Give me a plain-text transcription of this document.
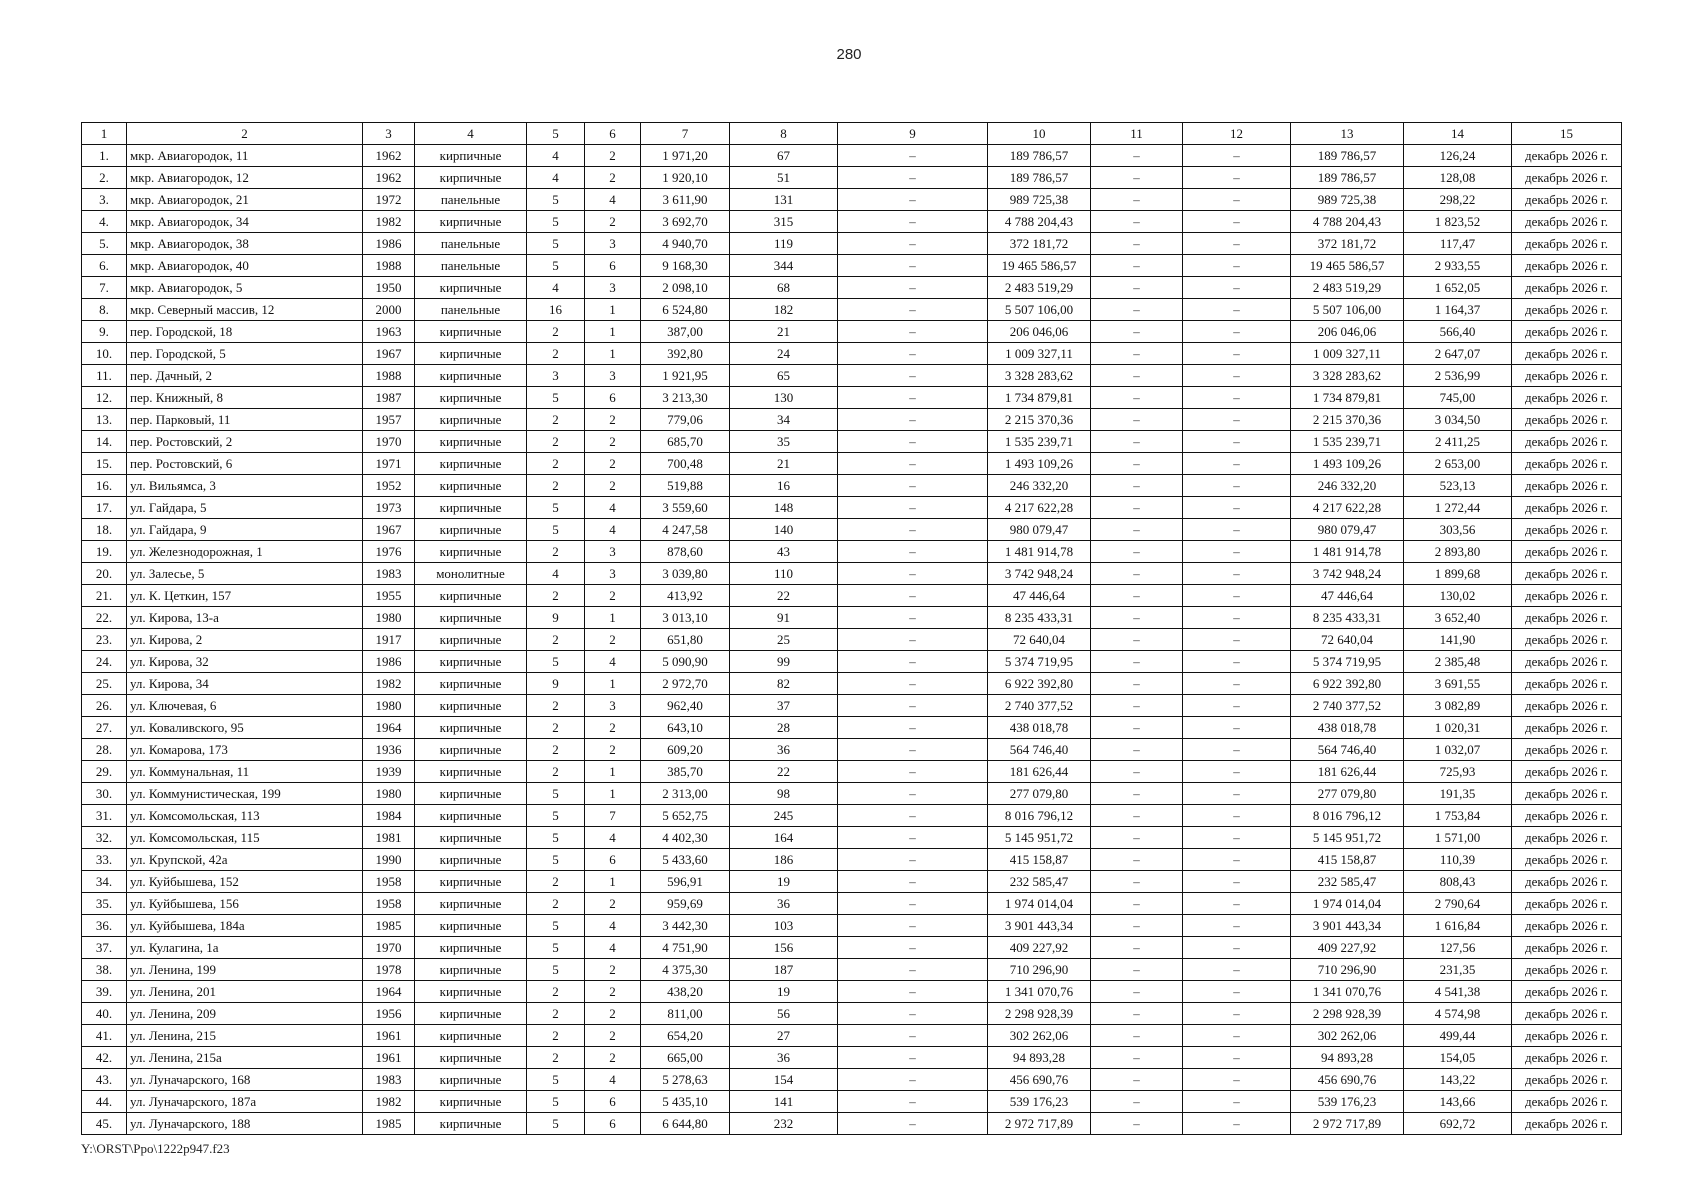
280
1	2	3	4	5	6	7	8	9	10	11	12	13	14	15
1.	мкр. Авиагородок, 11	1962	кирпичные	4	2	1 971,20	67	–	189 786,57	–	–	189 786,57	126,24	декабрь 2026 г.
2.	мкр. Авиагородок, 12	1962	кирпичные	4	2	1 920,10	51	–	189 786,57	–	–	189 786,57	128,08	декабрь 2026 г.
3.	мкр. Авиагородок, 21	1972	панельные	5	4	3 611,90	131	–	989 725,38	–	–	989 725,38	298,22	декабрь 2026 г.
4.	мкр. Авиагородок, 34	1982	кирпичные	5	2	3 692,70	315	–	4 788 204,43	–	–	4 788 204,43	1 823,52	декабрь 2026 г.
5.	мкр. Авиагородок, 38	1986	панельные	5	3	4 940,70	119	–	372 181,72	–	–	372 181,72	117,47	декабрь 2026 г.
6.	мкр. Авиагородок, 40	1988	панельные	5	6	9 168,30	344	–	19 465 586,57	–	–	19 465 586,57	2 933,55	декабрь 2026 г.
7.	мкр. Авиагородок, 5	1950	кирпичные	4	3	2 098,10	68	–	2 483 519,29	–	–	2 483 519,29	1 652,05	декабрь 2026 г.
8.	мкр. Северный массив, 12	2000	панельные	16	1	6 524,80	182	–	5 507 106,00	–	–	5 507 106,00	1 164,37	декабрь 2026 г.
9.	пер. Городской, 18	1963	кирпичные	2	1	387,00	21	–	206 046,06	–	–	206 046,06	566,40	декабрь 2026 г.
10.	пер. Городской, 5	1967	кирпичные	2	1	392,80	24	–	1 009 327,11	–	–	1 009 327,11	2 647,07	декабрь 2026 г.
11.	пер. Дачный, 2	1988	кирпичные	3	3	1 921,95	65	–	3 328 283,62	–	–	3 328 283,62	2 536,99	декабрь 2026 г.
12.	пер. Книжный, 8	1987	кирпичные	5	6	3 213,30	130	–	1 734 879,81	–	–	1 734 879,81	745,00	декабрь 2026 г.
13.	пер. Парковый, 11	1957	кирпичные	2	2	779,06	34	–	2 215 370,36	–	–	2 215 370,36	3 034,50	декабрь 2026 г.
14.	пер. Ростовский, 2	1970	кирпичные	2	2	685,70	35	–	1 535 239,71	–	–	1 535 239,71	2 411,25	декабрь 2026 г.
15.	пер. Ростовский, 6	1971	кирпичные	2	2	700,48	21	–	1 493 109,26	–	–	1 493 109,26	2 653,00	декабрь 2026 г.
16.	ул. Вильямса, 3	1952	кирпичные	2	2	519,88	16	–	246 332,20	–	–	246 332,20	523,13	декабрь 2026 г.
17.	ул. Гайдара, 5	1973	кирпичные	5	4	3 559,60	148	–	4 217 622,28	–	–	4 217 622,28	1 272,44	декабрь 2026 г.
18.	ул. Гайдара, 9	1967	кирпичные	5	4	4 247,58	140	–	980 079,47	–	–	980 079,47	303,56	декабрь 2026 г.
19.	ул. Железнодорожная, 1	1976	кирпичные	2	3	878,60	43	–	1 481 914,78	–	–	1 481 914,78	2 893,80	декабрь 2026 г.
20.	ул. Залесье, 5	1983	монолитные	4	3	3 039,80	110	–	3 742 948,24	–	–	3 742 948,24	1 899,68	декабрь 2026 г.
21.	ул. К. Цеткин, 157	1955	кирпичные	2	2	413,92	22	–	47 446,64	–	–	47 446,64	130,02	декабрь 2026 г.
22.	ул. Кирова, 13-а	1980	кирпичные	9	1	3 013,10	91	–	8 235 433,31	–	–	8 235 433,31	3 652,40	декабрь 2026 г.
23.	ул. Кирова, 2	1917	кирпичные	2	2	651,80	25	–	72 640,04	–	–	72 640,04	141,90	декабрь 2026 г.
24.	ул. Кирова, 32	1986	кирпичные	5	4	5 090,90	99	–	5 374 719,95	–	–	5 374 719,95	2 385,48	декабрь 2026 г.
25.	ул. Кирова, 34	1982	кирпичные	9	1	2 972,70	82	–	6 922 392,80	–	–	6 922 392,80	3 691,55	декабрь 2026 г.
26.	ул. Ключевая, 6	1980	кирпичные	2	3	962,40	37	–	2 740 377,52	–	–	2 740 377,52	3 082,89	декабрь 2026 г.
27.	ул. Коваливского, 95	1964	кирпичные	2	2	643,10	28	–	438 018,78	–	–	438 018,78	1 020,31	декабрь 2026 г.
28.	ул. Комарова, 173	1936	кирпичные	2	2	609,20	36	–	564 746,40	–	–	564 746,40	1 032,07	декабрь 2026 г.
29.	ул. Коммунальная, 11	1939	кирпичные	2	1	385,70	22	–	181 626,44	–	–	181 626,44	725,93	декабрь 2026 г.
30.	ул. Коммунистическая, 199	1980	кирпичные	5	1	2 313,00	98	–	277 079,80	–	–	277 079,80	191,35	декабрь 2026 г.
31.	ул. Комсомольская, 113	1984	кирпичные	5	7	5 652,75	245	–	8 016 796,12	–	–	8 016 796,12	1 753,84	декабрь 2026 г.
32.	ул. Комсомольская, 115	1981	кирпичные	5	4	4 402,30	164	–	5 145 951,72	–	–	5 145 951,72	1 571,00	декабрь 2026 г.
33.	ул. Крупской, 42а	1990	кирпичные	5	6	5 433,60	186	–	415 158,87	–	–	415 158,87	110,39	декабрь 2026 г.
34.	ул. Куйбышева, 152	1958	кирпичные	2	1	596,91	19	–	232 585,47	–	–	232 585,47	808,43	декабрь 2026 г.
35.	ул. Куйбышева, 156	1958	кирпичные	2	2	959,69	36	–	1 974 014,04	–	–	1 974 014,04	2 790,64	декабрь 2026 г.
36.	ул. Куйбышева, 184а	1985	кирпичные	5	4	3 442,30	103	–	3 901 443,34	–	–	3 901 443,34	1 616,84	декабрь 2026 г.
37.	ул. Кулагина, 1а	1970	кирпичные	5	4	4 751,90	156	–	409 227,92	–	–	409 227,92	127,56	декабрь 2026 г.
38.	ул. Ленина, 199	1978	кирпичные	5	2	4 375,30	187	–	710 296,90	–	–	710 296,90	231,35	декабрь 2026 г.
39.	ул. Ленина, 201	1964	кирпичные	2	2	438,20	19	–	1 341 070,76	–	–	1 341 070,76	4 541,38	декабрь 2026 г.
40.	ул. Ленина, 209	1956	кирпичные	2	2	811,00	56	–	2 298 928,39	–	–	2 298 928,39	4 574,98	декабрь 2026 г.
41.	ул. Ленина, 215	1961	кирпичные	2	2	654,20	27	–	302 262,06	–	–	302 262,06	499,44	декабрь 2026 г.
42.	ул. Ленина, 215а	1961	кирпичные	2	2	665,00	36	–	94 893,28	–	–	94 893,28	154,05	декабрь 2026 г.
43.	ул. Луначарского, 168	1983	кирпичные	5	4	5 278,63	154	–	456 690,76	–	–	456 690,76	143,22	декабрь 2026 г.
44.	ул. Луначарского, 187а	1982	кирпичные	5	6	5 435,10	141	–	539 176,23	–	–	539 176,23	143,66	декабрь 2026 г.
45.	ул. Луначарского, 188	1985	кирпичные	5	6	6 644,80	232	–	2 972 717,89	–	–	2 972 717,89	692,72	декабрь 2026 г.
Y:\ORST\Ppo\1222p947.f23
